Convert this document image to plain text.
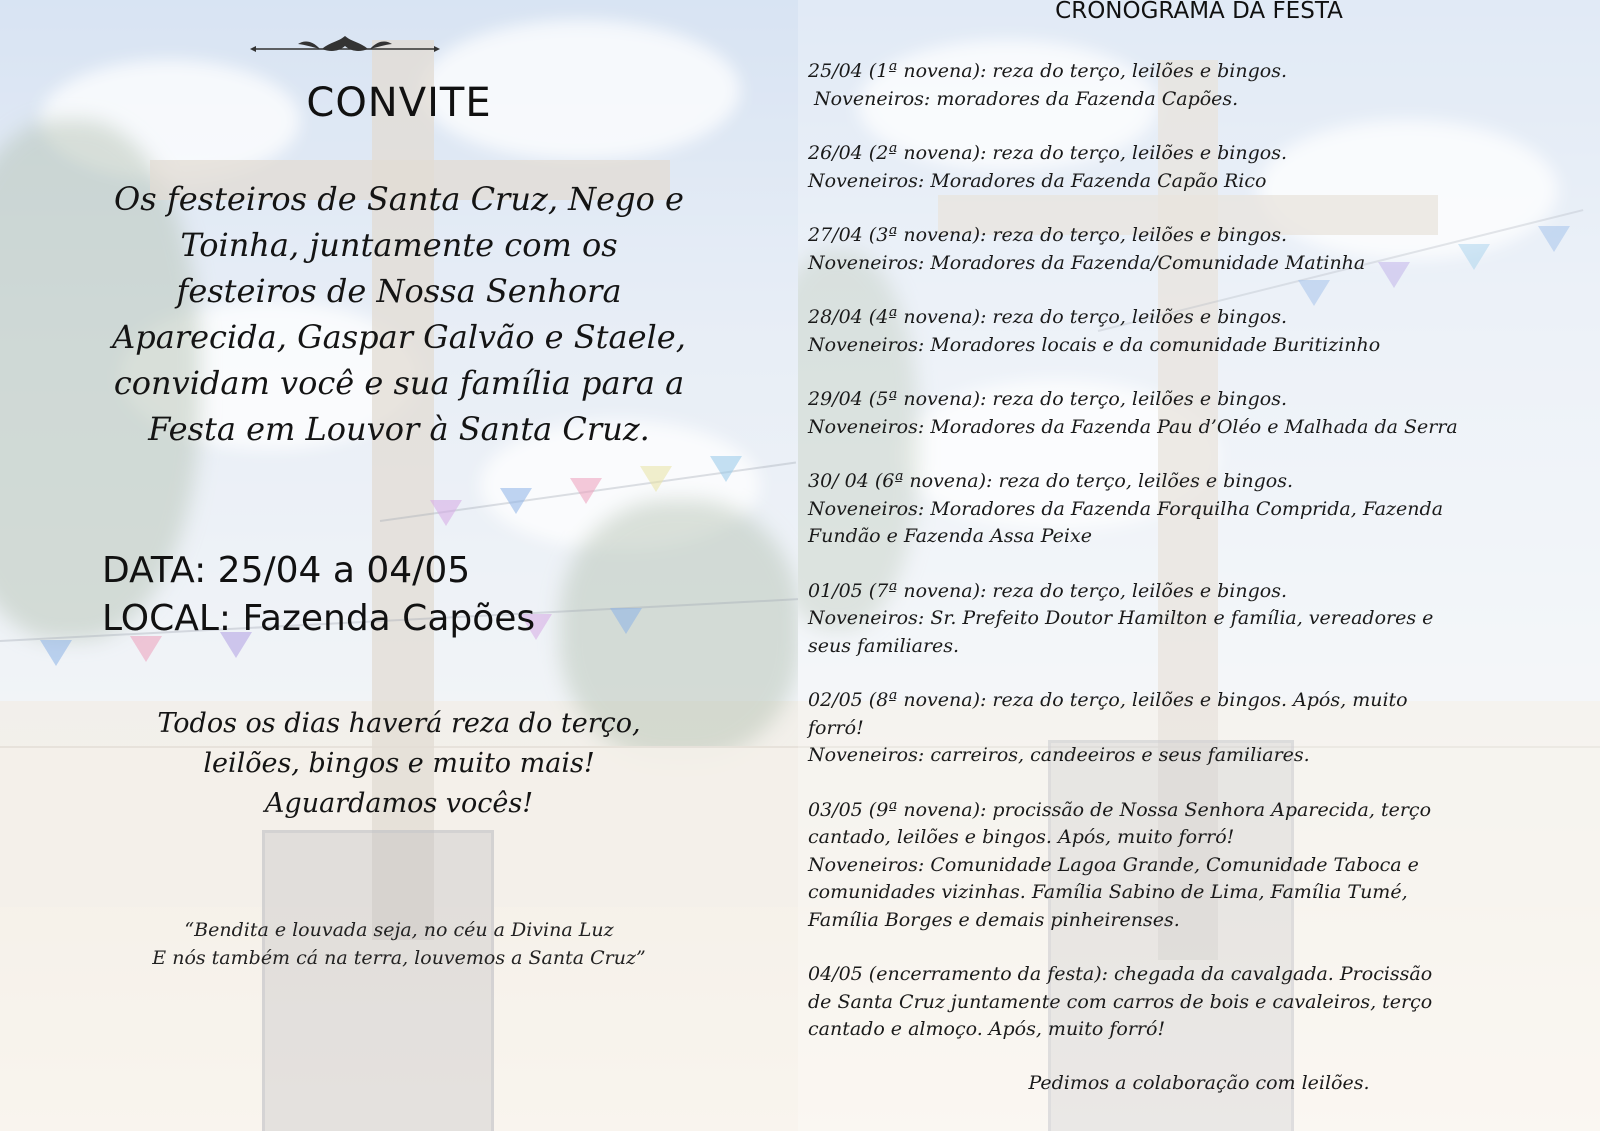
CONVITE
Os festeiros de Santa Cruz, Nego e
Toinha, juntamente com os
festeiros de Nossa Senhora
Aparecida, Gaspar Galvão e Staele,
convidam você e sua família para a
Festa em Louvor à Santa Cruz.
DATA: 25/04 a 04/05
LOCAL: Fazenda Capões
Todos os dias haverá reza do terço,
leilões, bingos e muito mais!
Aguardamos vocês!
“Bendita e louvada seja, no céu a Divina Luz
E nós também cá na terra, louvemos a Santa Cruz”
CRONOGRAMA DA FESTA
25/04 (1ª novena): reza do terço, leilões e bingos.
Noveneiros: moradores da Fazenda Capões.
26/04 (2ª novena): reza do terço, leilões e bingos.
Noveneiros: Moradores da Fazenda Capão Rico
27/04 (3ª novena): reza do terço, leilões e bingos.
Noveneiros: Moradores da Fazenda/Comunidade Matinha
28/04 (4ª novena): reza do terço, leilões e bingos.
Noveneiros: Moradores locais e da comunidade Buritizinho
29/04 (5ª novena): reza do terço, leilões e bingos.
Noveneiros: Moradores da Fazenda Pau d’Oléo e Malhada da Serra
30/ 04 (6ª novena): reza do terço, leilões e bingos.
Noveneiros: Moradores da Fazenda Forquilha Comprida, Fazenda
Fundão e Fazenda Assa Peixe
01/05 (7ª novena): reza do terço, leilões e bingos.
Noveneiros: Sr. Prefeito Doutor Hamilton e família, vereadores e
seus familiares.
02/05 (8ª novena): reza do terço, leilões e bingos. Após, muito
forró!
Noveneiros: carreiros, candeeiros e seus familiares.
03/05 (9ª novena): procissão de Nossa Senhora Aparecida, terço
cantado, leilões e bingos. Após, muito forró!
Noveneiros: Comunidade Lagoa Grande, Comunidade Taboca e
comunidades vizinhas. Família Sabino de Lima, Família Tumé,
Família Borges e demais pinheirenses.
04/05 (encerramento da festa): chegada da cavalgada. Procissão
de Santa Cruz juntamente com carros de bois e cavaleiros, terço
cantado e almoço. Após, muito forró!
Pedimos a colaboração com leilões.
